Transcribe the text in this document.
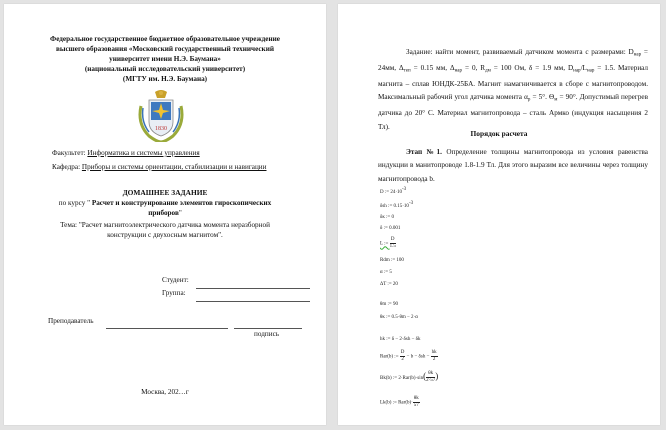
Федеральное государственное бюджетное образовательное учреждение
высшего образования «Московский государственный технический
университет имени Н.Э. Баумана»
(национальный исследовательский университет)
(МГТУ им. Н.Э. Баумана)
1830
Факультет: Информатика и системы управления
Кафедра: Приборы и системы ориентации, стабилизации и навигации
ДОМАШНЕЕ ЗАДАНИЕ
по курсу " Расчет и конструирование элементов гироскопических приборов"
Тема: "Расчет магнитоэлектрического датчика момента неразборной конструкции с двухосным магнитом".
Студент:
Группа:
Преподаватель
подпись
Москва, 202…г
Задание: найти момент, развиваемый датчиком момента с размерами: $D_{нар} = 24мм$, $\Delta_{теп} = 0.15$ мм, $\Delta_{нар} = 0$, $R_{дм} = 100$ Ом, δ = 1.9 мм, $D_{нар}/L_{нар} = 1.5$. Материал магнита – сплав ЮНДК-25БА. Магнит намагничивается в сборе с магнитопроводом. Максимальный рабочий угол датчика момента $\alpha_р = 5^\circ$. $\Theta_м = 90^\circ$. Допустимый перегрев датчика до 20° С. Материал магнитопровода – сталь Армко (индукция насыщения 2 Тл).
Порядок расчета
Этап №1. Определение толщины магнитопровода из условия равенства индукции в манитопроводе 1.8-1.9 Тл. Для этого выразим все величины через толщину магнитопровода b.
D := 24·10-3
δsh := 0.15·10-3
δк := 0
δ := 0.001
L := $\frac{D}{1.5}$
Rdm := 100
α := 5
ΔT := 20
θm := 90
θк := 0.5·θm − 2·α
hk := δ − 2·δsh − δk
Rar(b) := $\frac{D}{2} - b - \delta sh - \frac{hk}{2}$
Bk(b) := $2\cdot Rar(b)\cdot\sin( \frac{\theta k}{2\cdot 57}$ )
Lk(b) := $Rar(b)\cdot \frac{\theta k}{57}$
